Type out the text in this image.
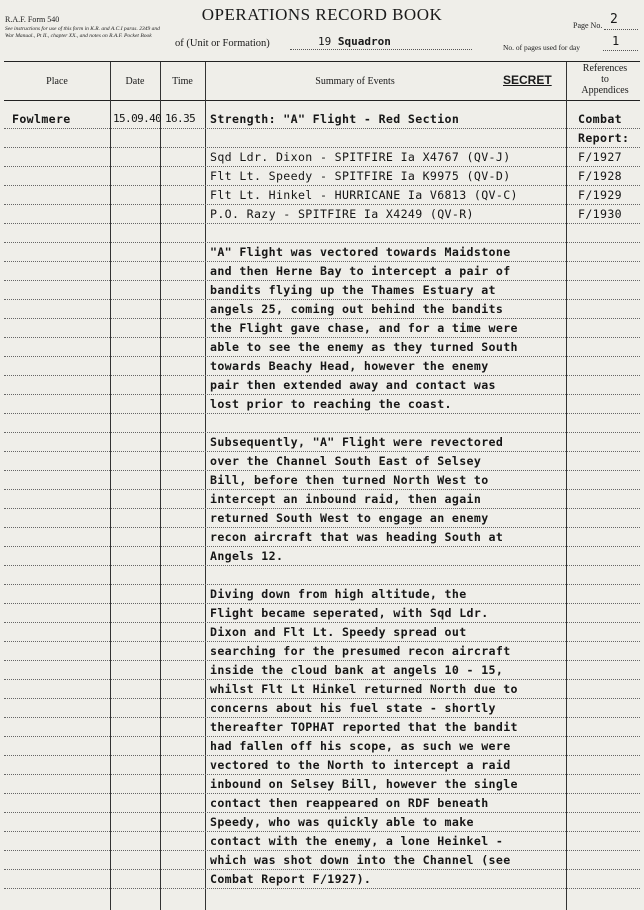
R.A.F. Form 540
See instructions for use of this form in K.R. and A.C.I paras. 2349 and War Manual., Pt II., chapter XX., and notes on R.A.F. Pocket Book
OPERATIONS RECORD BOOK
of (Unit or Formation)	19 Squadron
Page No. 2
No. of pages used for day	1
Place	Date	Time	Summary of Events	SECRET
References
to
Appendices
Fowlmere	15.09.40 16.35 Strength: "A" Flight - Red Section	Combat
Report:
Sqd Ldr. Dixon - SPITFIRE Ia X4767 (QV-J)	F/1927
Flt Lt. Speedy - SPITFIRE Ia K9975 (QV-D)	F/1928
Flt Lt. Hinkel - HURRICANE Ia V6813 (QV-C)	F/1929
P.O. Razy - SPITFIRE Ia X4249 (QV-R)	F/1930
"A" Flight was vectored towards Maidstone
and then Herne Bay to intercept a pair of
bandits flying up the Thames Estuary at
angels 25, coming out behind the bandits
the Flight gave chase, and for a time were
able to see the enemy as they turned South
towards Beachy Head, however the enemy
pair then extended away and contact was
lost prior to reaching the coast.
Subsequently, "A" Flight were revectored
over the Channel South East of Selsey
Bill, before then turned North West to
intercept an inbound raid, then again
returned South West to engage an enemy
recon aircraft that was heading South at
Angels 12.
Diving down from high altitude, the
Flight became seperated, with Sqd Ldr.
Dixon and Flt Lt. Speedy spread out
searching for the presumed recon aircraft
inside the cloud bank at angels 10 - 15,
whilst Flt Lt Hinkel returned North due to
concerns about his fuel state - shortly
thereafter TOPHAT reported that the bandit
had fallen off his scope, as such we were
vectored to the North to intercept a raid
inbound on Selsey Bill, however the single
contact then reappeared on RDF beneath
Speedy, who was quickly able to make
contact with the enemy, a lone Heinkel -
which was shot down into the Channel (see
Combat Report F/1927).
